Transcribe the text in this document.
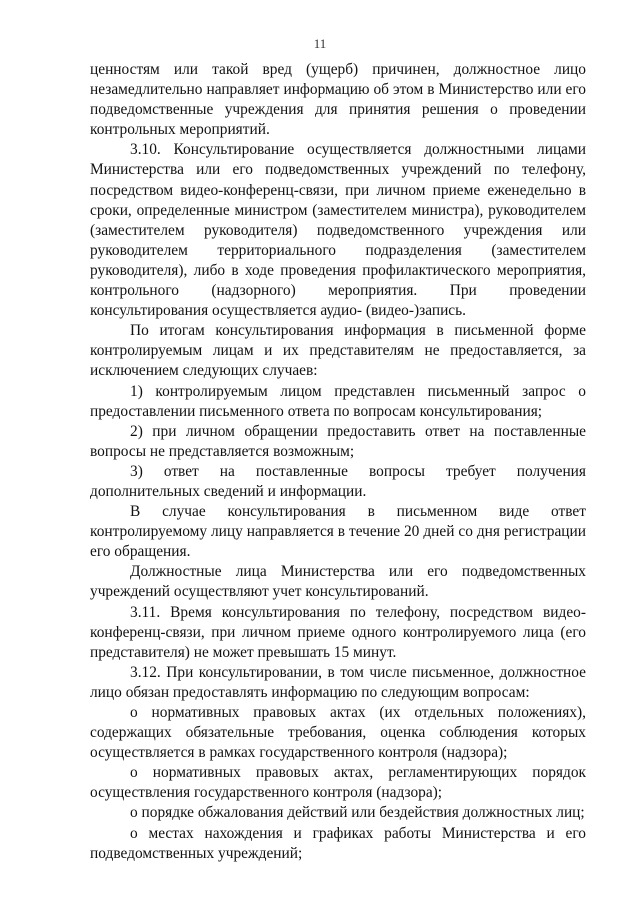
11

ценностям или такой вред (ущерб) причинен, должностное лицо незамедлительно направляет информацию об этом в Министерство или его подведомственные учреждения для принятия решения о проведении контрольных мероприятий.

3.10. Консультирование осуществляется должностными лицами Министерства или его подведомственных учреждений по телефону, посредством видео-конференц-связи, при личном приеме еженедельно в сроки, определенные министром (заместителем министра), руководителем (заместителем руководителя) подведомственного учреждения или руководителем территориального подразделения (заместителем руководителя), либо в ходе проведения профилактического мероприятия, контрольного (надзорного) мероприятия. При проведении консультирования осуществляется аудио- (видео-)запись.

По итогам консультирования информация в письменной форме контролируемым лицам и их представителям не предоставляется, за исключением следующих случаев:

1) контролируемым лицом представлен письменный запрос о предоставлении письменного ответа по вопросам консультирования;

2) при личном обращении предоставить ответ на поставленные вопросы не представляется возможным;

3) ответ на поставленные вопросы требует получения дополнительных сведений и информации.

В случае консультирования в письменном виде ответ контролируемому лицу направляется в течение 20 дней со дня регистрации его обращения.

Должностные лица Министерства или его подведомственных учреждений осуществляют учет консультирований.

3.11. Время консультирования по телефону, посредством видео-конференц-связи, при личном приеме одного контролируемого лица (его представителя) не может превышать 15 минут.

3.12. При консультировании, в том числе письменное, должностное лицо обязан предоставлять информацию по следующим вопросам:

о нормативных правовых актах (их отдельных положениях), содержащих обязательные требования, оценка соблюдения которых осуществляется в рамках государственного контроля (надзора);

о нормативных правовых актах, регламентирующих порядок осуществления государственного контроля (надзора);

о порядке обжалования действий или бездействия должностных лиц;

о местах нахождения и графиках работы Министерства и его подведомственных учреждений;
